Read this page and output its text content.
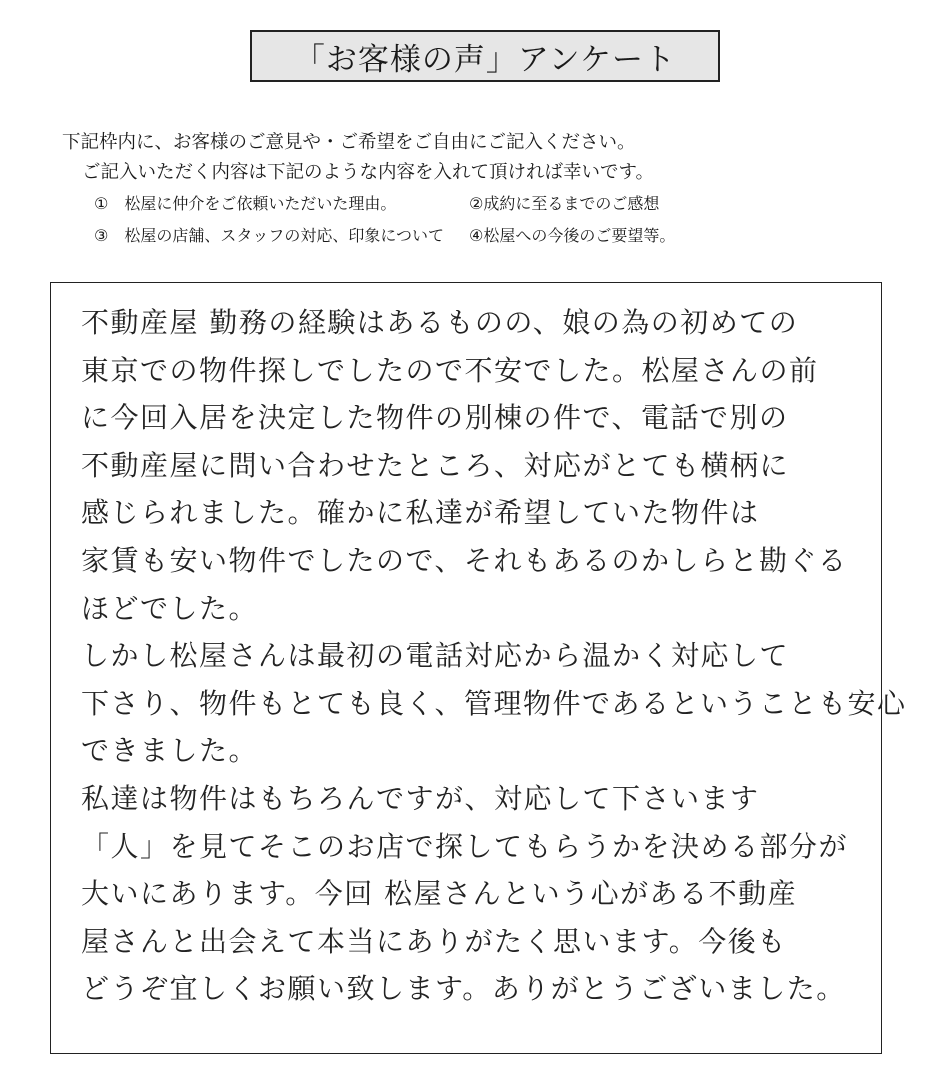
「お客様の声」アンケート
下記枠内に、お客様のご意見や・ご希望をご自由にご記入ください。
ご記入いただく内容は下記のような内容を入れて頂ければ幸いです。
①　松屋に仲介をご依頼いただいた理由。	②成約に至るまでのご感想
③　松屋の店舗、スタッフの対応、印象について	④松屋への今後のご要望等。
不動産屋 勤務の経験はあるものの、娘の為の初めての
東京での物件探しでしたので不安でした。松屋さんの前
に今回入居を決定した物件の別棟の件で、電話で別の
不動産屋に問い合わせたところ、対応がとても横柄に
感じられました。確かに私達が希望していた物件は
家賃も安い物件でしたので、それもあるのかしらと勘ぐる
ほどでした。
しかし松屋さんは最初の電話対応から温かく対応して
下さり、物件もとても良く、管理物件であるということも安心
できました。
私達は物件はもちろんですが、対応して下さいます
「人」を見てそこのお店で探してもらうかを決める部分が
大いにあります。今回 松屋さんという心がある不動産
屋さんと出会えて本当にありがたく思います。今後も
どうぞ宜しくお願い致します。ありがとうございました。
